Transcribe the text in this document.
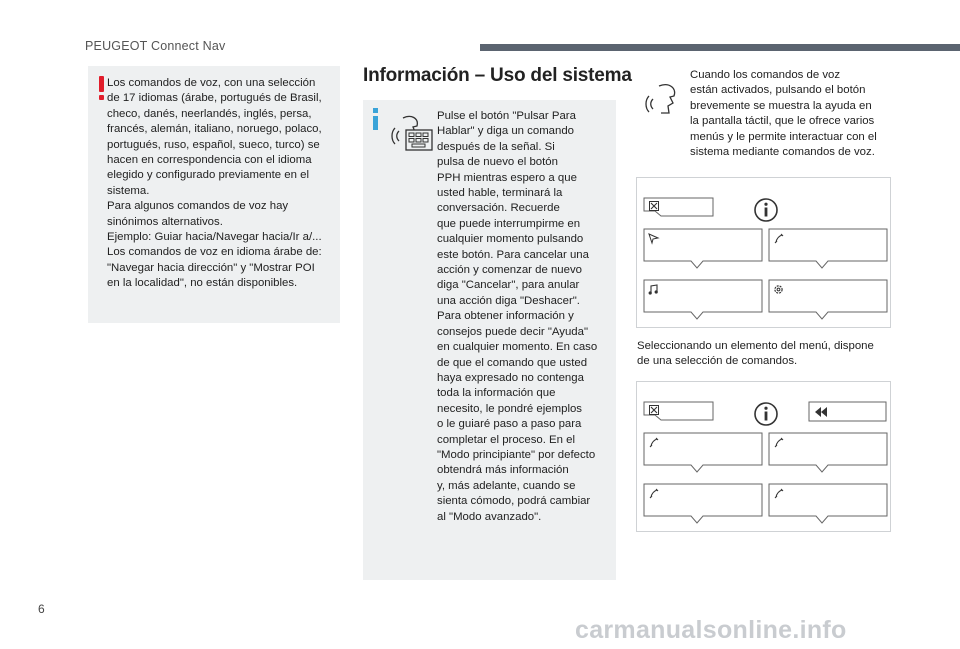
PEUGEOT Connect Nav
Los comandos de voz, con una selección
de 17 idiomas (árabe, portugués de Brasil,
checo, danés, neerlandés, inglés, persa,
francés, alemán, italiano, noruego, polaco,
portugués, ruso, español, sueco, turco) se
hacen en correspondencia con el idioma
elegido y configurado previamente en el
sistema.
Para algunos comandos de voz hay
sinónimos alternativos.
Ejemplo: Guiar hacia/Navegar hacia/Ir a/...
Los comandos de voz en idioma árabe de:
"Navegar hacia dirección" y "Mostrar POI
en la localidad", no están disponibles.
Información – Uso del sistema
Pulse el botón "Pulsar Para
Hablar" y diga un comando
después de la señal. Si
pulsa de nuevo el botón
PPH mientras espero a que
usted hable, terminará la
conversación. Recuerde
que puede interrumpirme en
cualquier momento pulsando
este botón. Para cancelar una
acción y comenzar de nuevo
diga "Cancelar", para anular
una acción diga "Deshacer".
Para obtener información y
consejos puede decir "Ayuda"
en cualquier momento. En caso
de que el comando que usted
haya expresado no contenga
toda la información que
necesito, le pondré ejemplos
o le guiaré paso a paso para
completar el proceso. En el
"Modo principiante" por defecto
obtendrá más información
y, más adelante, cuando se
sienta cómodo, podrá cambiar
al "Modo avanzado".
Cuando los comandos de voz
están activados, pulsando el botón
brevemente se muestra la ayuda en
la pantalla táctil, que le ofrece varios
menús y le permite interactuar con el
sistema mediante comandos de voz.
Seleccionando un elemento del menú, dispone
de una selección de comandos.
6
carmanualsonline.info
